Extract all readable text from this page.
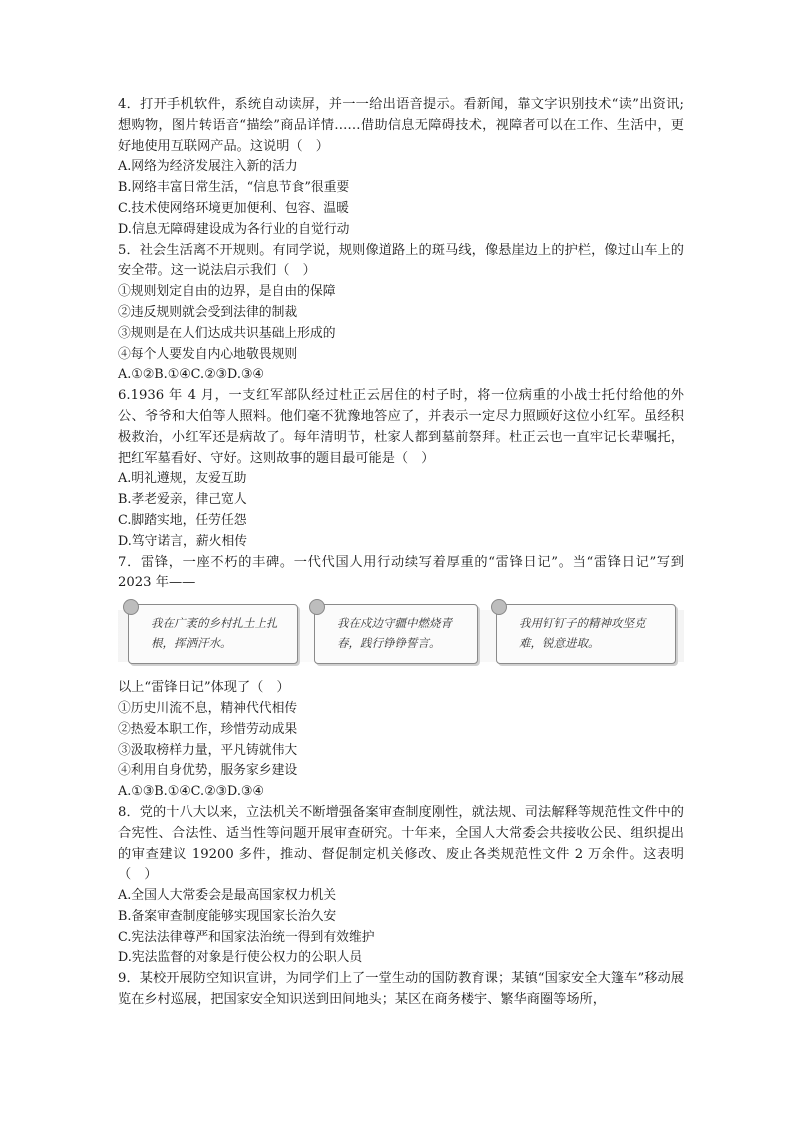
4．打开手机软件，系统自动读屏，并一一给出语音提示。看新闻，靠文字识别技术“读”出资讯;想购物，图片转语音“描绘”商品详情……借助信息无障碍技术，视障者可以在工作、生活中，更好地使用互联网产品。这说明（　）

A.网络为经济发展注入新的活力

B.网络丰富日常生活，“信息节食”很重要

C.技术使网络环境更加便利、包容、温暖

D.信息无障碍建设成为各行业的自觉行动

5．社会生活离不开规则。有同学说，规则像道路上的斑马线，像悬崖边上的护栏，像过山车上的安全带。这一说法启示我们（　）

①规则划定自由的边界，是自由的保障

②违反规则就会受到法律的制裁

③规则是在人们达成共识基础上形成的

④每个人要发自内心地敬畏规则

A.①②B.①④C.②③D.③④

6.1936 年 4 月，一支红军部队经过杜正云居住的村子时，将一位病重的小战士托付给他的外公、爷爷和大伯等人照料。他们毫不犹豫地答应了，并表示一定尽力照顾好这位小红军。虽经积极救治，小红军还是病故了。每年清明节，杜家人都到墓前祭拜。杜正云也一直牢记长辈嘱托，把红军墓看好、守好。这则故事的题目最可能是（　）

A.明礼遵规，友爱互助

B.孝老爱亲，律己宽人

C.脚踏实地，任劳任怨

D.笃守诺言，薪火相传

7．雷锋，一座不朽的丰碑。一代代国人用行动续写着厚重的“雷锋日记”。当“雷锋日记”写到 2023 年——

我在广袤的乡村扎土上扎根，挥洒汗水。
我在戍边守疆中燃烧青春，践行铮铮誓言。
我用钉钉子的精神攻坚克难，锐意进取。

以上“雷锋日记”体现了（　）

①历史川流不息，精神代代相传

②热爱本职工作，珍惜劳动成果

③汲取榜样力量，平凡铸就伟大

④利用自身优势，服务家乡建设

A.①③B.①④C.②③D.③④

8．党的十八大以来，立法机关不断增强备案审查制度刚性，就法规、司法解释等规范性文件中的合宪性、合法性、适当性等问题开展审查研究。十年来，全国人大常委会共接收公民、组织提出的审查建议 19200 多件，推动、督促制定机关修改、废止各类规范性文件 2 万余件。这表明（　）

A.全国人大常委会是最高国家权力机关

B.备案审查制度能够实现国家长治久安

C.宪法法律尊严和国家法治统一得到有效维护

D.宪法监督的对象是行使公权力的公职人员

9．某校开展防空知识宣讲，为同学们上了一堂生动的国防教育课；某镇“国家安全大篷车”移动展览在乡村巡展，把国家安全知识送到田间地头；某区在商务楼宇、繁华商圈等场所，
